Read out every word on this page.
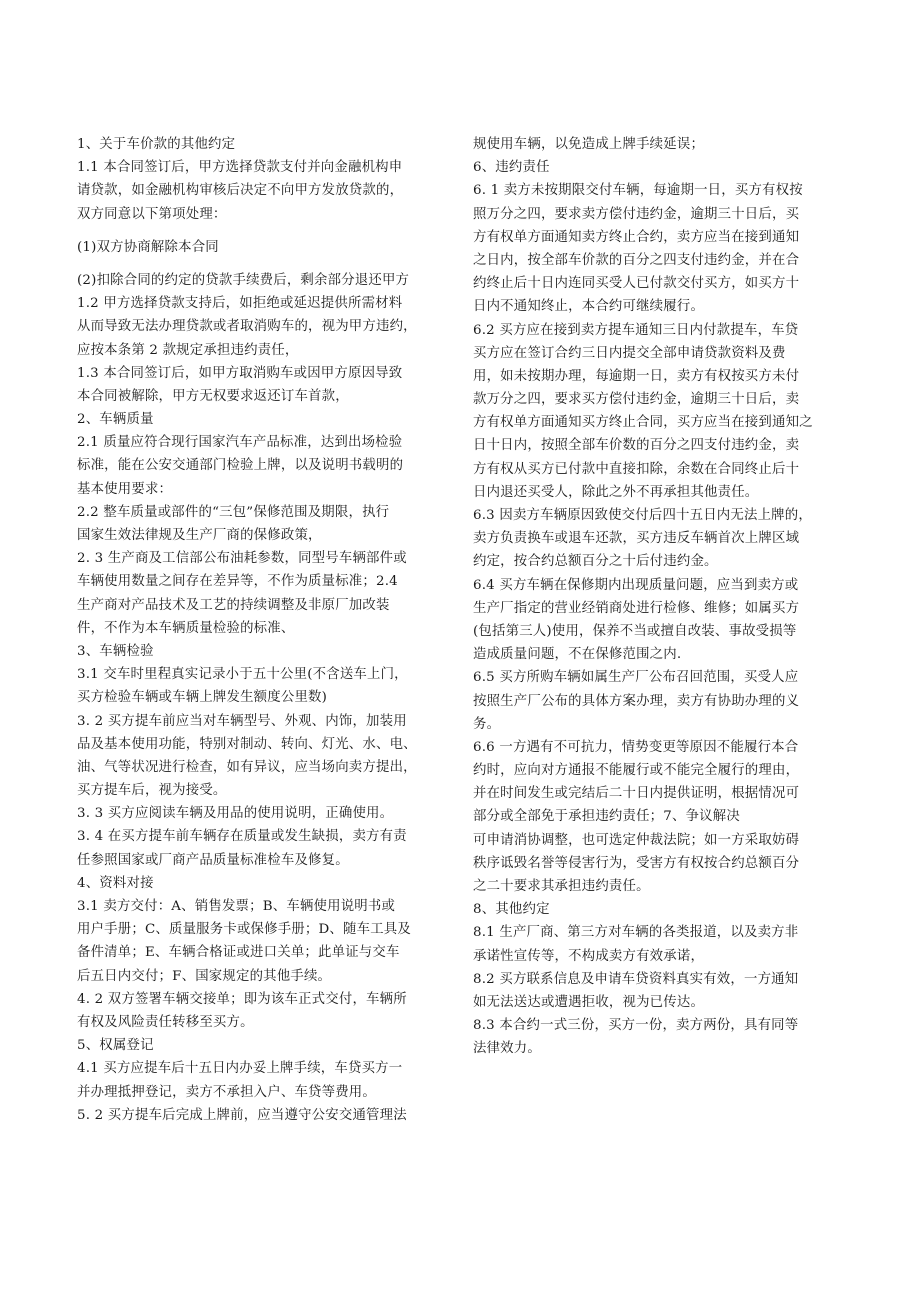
1、关于车价款的其他约定
1.1 本合同签订后，甲方选择贷款支付并向金融机构申
请贷款，如金融机构审核后决定不向甲方发放贷款的，
双方同意以下第项处理：
(1)双方协商解除本合同
(2)扣除合同的约定的贷款手续费后，剩余部分退还甲方
1.2 甲方选择贷款支持后，如拒绝或延迟提供所需材料
从而导致无法办理贷款或者取消购车的，视为甲方违约，
应按本条第 2 款规定承担违约责任，
1.3 本合同签订后，如甲方取消购车或因甲方原因导致
本合同被解除，甲方无权要求返还订车首款，
2、车辆质量
2.1 质量应符合现行国家汽车产品标准，达到出场检验
标准，能在公安交通部门检验上牌，以及说明书载明的
基本使用要求：
2.2 整车质量或部件的“三包”保修范围及期限，执行
国家生效法律规及生产厂商的保修政策，
2. 3 生产商及工信部公布油耗参数，同型号车辆部件或
车辆使用数量之间存在差异等，不作为质量标准；2.4
生产商对产品技术及工艺的持续调整及非原厂加改装
件，不作为本车辆质量检验的标准、
3、车辆检验
3.1 交车时里程真实记录小于五十公里(不含送车上门，
买方检验车辆或车辆上牌发生额度公里数)
3. 2 买方提车前应当对车辆型号、外观、内饰，加装用
品及基本使用功能，特别对制动、转向、灯光、水、电、
油、气等状况进行检查，如有异议，应当场向卖方提出，
买方提车后，视为接受。
3. 3 买方应阅读车辆及用品的使用说明，正确使用。
3. 4 在买方提车前车辆存在质量或发生缺损，卖方有责
任参照国家或厂商产品质量标准检车及修复。
4、资料对接
3.1 卖方交付：A、销售发票；B、车辆使用说明书或
用户手册；C、质量服务卡或保修手册；D、随车工具及
备件清单；E、车辆合格证或进口关单；此单证与交车
后五日内交付；F、国家规定的其他手续。
4. 2 双方签署车辆交接单；即为该车正式交付，车辆所
有权及风险责任转移至买方。
5、权属登记
4.1 买方应提车后十五日内办妥上牌手续，车贷买方一
并办理抵押登记，卖方不承担入户、车贷等费用。
5. 2 买方提车后完成上牌前，应当遵守公安交通管理法
规使用车辆，以免造成上牌手续延误；
6、违约责任
6. 1 卖方未按期限交付车辆，每逾期一日，买方有权按
照万分之四，要求卖方偿付违约金，逾期三十日后，买
方有权单方面通知卖方终止合约，卖方应当在接到通知
之日内，按全部车价款的百分之四支付违约金，并在合
约终止后十日内连同买受人已付款交付买方，如买方十
日内不通知终止，本合约可继续履行。
6.2 买方应在接到卖方提车通知三日内付款提车，车贷
买方应在签订合约三日内提交全部申请贷款资料及费
用，如未按期办理，每逾期一日，卖方有权按买方未付
款万分之四，要求买方偿付违约金，逾期三十日后，卖
方有权单方面通知买方终止合同，买方应当在接到通知之
日十日内，按照全部车价数的百分之四支付违约金，卖
方有权从买方已付款中直接扣除，余数在合同终止后十
日内退还买受人，除此之外不再承担其他责任。
6.3 因卖方车辆原因致使交付后四十五日内无法上牌的，
卖方负责换车或退车还款，买方违反车辆首次上牌区域
约定，按合约总额百分之十后付违约金。
6.4 买方车辆在保修期内出现质量问题，应当到卖方或
生产厂指定的营业经销商处进行检修、维修；如属买方
(包括第三人)使用，保养不当或擅自改装、事故受损等
造成质量问题，不在保修范围之内.
6.5 买方所购车辆如属生产厂公布召回范围，买受人应
按照生产厂公布的具体方案办理，卖方有协助办理的义
务。
6.6 一方遇有不可抗力，情势变更等原因不能履行本合
约时，应向对方通报不能履行或不能完全履行的理由，
并在时间发生或完结后二十日内提供证明，根据情况可
部分或全部免于承担违约责任；7、争议解决
可申请消协调整，也可选定仲裁法院；如一方采取妨碍
秩序诋毁名誉等侵害行为，受害方有权按合约总额百分
之二十要求其承担违约责任。
8、其他约定
8.1 生产厂商、第三方对车辆的各类报道，以及卖方非
承诺性宣传等，不构成卖方有效承诺，
8.2 买方联系信息及申请车贷资料真实有效，一方通知
如无法送达或遭遇拒收，视为已传达。
8.3 本合约一式三份，买方一份，卖方两份，具有同等
法律效力。
